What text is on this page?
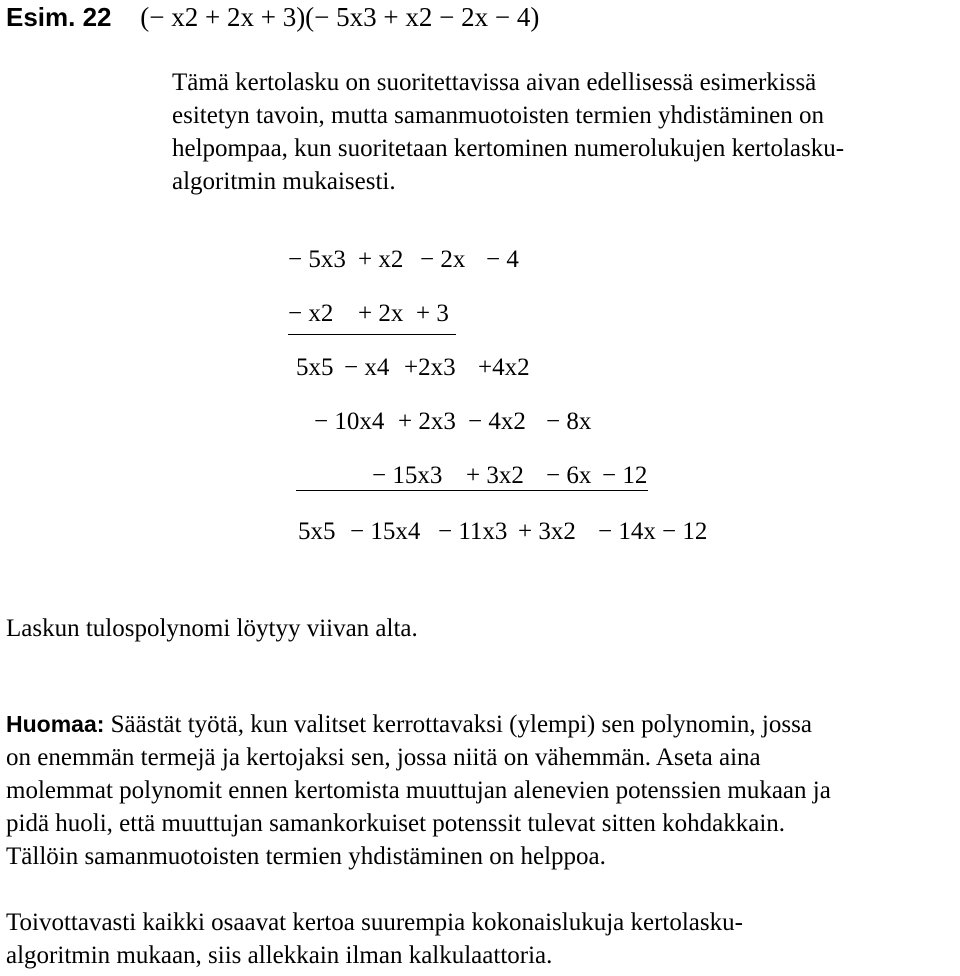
Esim. 22 (− x2 + 2x + 3)(− 5x3 + x2 − 2x − 4)
Tämä kertolasku on suoritettavissa aivan edellisessä esimerkissä
esitetyn tavoin, mutta samanmuotoisten termien yhdistäminen on
helpompaa, kun suoritetaan kertominen numerolukujen kertolasku-
algoritmin mukaisesti.
− 5x3 + x2 − 2x − 4
− x2 + 2x + 3
5x5 − x4 +2x3 +4x2
− 10x4 + 2x3 − 4x2 − 8x
− 15x3 + 3x2 − 6x − 12
5x5 − 15x4 − 11x3 + 3x2 − 14x − 12
Laskun tulospolynomi löytyy viivan alta.
Huomaa: Säästät työtä, kun valitset kerrottavaksi (ylempi) sen polynomin, jossa
on enemmän termejä ja kertojaksi sen, jossa niitä on vähemmän. Aseta aina
molemmat polynomit ennen kertomista muuttujan alenevien potenssien mukaan ja
pidä huoli, että muuttujan samankorkuiset potenssit tulevat sitten kohdakkain.
Tällöin samanmuotoisten termien yhdistäminen on helppoa.
Toivottavasti kaikki osaavat kertoa suurempia kokonaislukuja kertolasku-
algoritmin mukaan, siis allekkain ilman kalkulaattoria.
